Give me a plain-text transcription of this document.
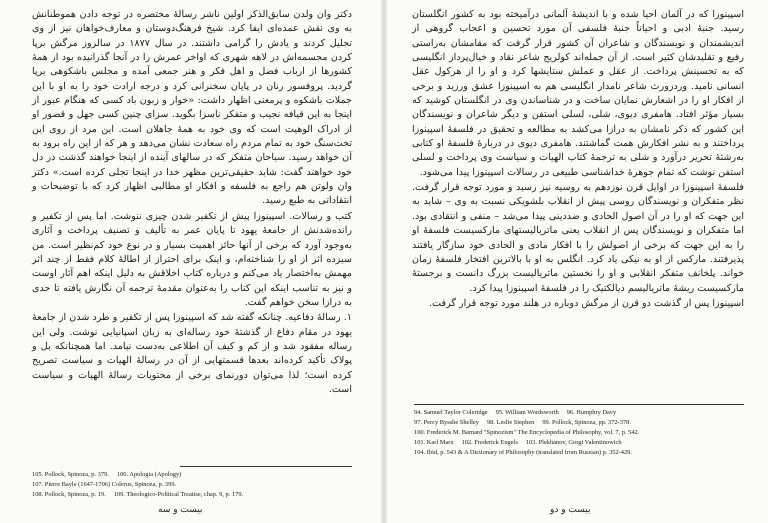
دکتر وان ولدن سابق‌الذکر اولین ناشر رسالهٔ مختصره در توجه دادن هموطنانش به وی نقش عمده‌ای ایفا کرد. شیخ فرهنگ‌دوستان و معارف‌خواهان نیز از وی تجلیل کردند و یادش را گرامی داشتند. در سال ۱۸۷۷ در سالروز مرگش برپا کردن مجسمه‌اش در لاهه شهری که اواخر عمرش را در آنجا گذرانیده بود از همهٔ کشورها از ارباب فضل و اهل فکر و هنر جمعی آمده و مجلس باشکوهی برپا گردید. پروفسور رنان در پایان سخنرانی کرد و درجه ارادت خود را به او با این جملات باشکوه و پرمعنی اظهار داشت: «خوار و زبون باد کسی که هنگام عبور از اینجا به این قیافه نجیب و متفکر ناسزا بگوید. سزای چنین کسی جهل و قصور او از ادراک الوهیت است که وی خود به همهٔ جاهلان است. این مرد از روی این تخت‌سنگ خود به تمام مردم راه سعادت نشان می‌دهد و هر که از این راه برود به آن خواهد رسید. سیاحان متفکر که در سالهای آینده از اینجا خواهند گذشت در دل خود خواهند گفت: شاید حقیقی‌ترین مظهر خدا در اینجا تجلی کرده است.» دکتر وان ولوتن هم راجع به فلسفه و افکار او مطالبی اظهار کرد که با توضیحات و انتقاداتی به طبع رسید.

کتب و رسالات. اسپینوزا پیش از تکفیر شدن چیزی ننوشت. اما پس از تکفیر و رانده‌شدنش از جامعهٔ یهود تا پایان عمر به تألیف و تصنیف پرداخت و آثاری به‌وجود آورد که برخی از آنها حائز اهمیت بسیار و در نوع خود کم‌نظیر است. من سیزده اثر از او را شناخته‌ام، و اینک برای احتراز از اطالهٔ کلام فقط از چند اثر مهمش به‌اختصار یاد می‌کنم و درباره کتاب اخلاقش به دلیل اینکه اهم آثار اوست و نیز به تناسب اینکه این کتاب را به‌عنوان مقدمهٔ ترجمه آن نگارش یافته تا حدی به درازا سخن خواهم گفت.

۱. رسالهٔ دفاعیه. چنانکه گفته شد که اسپینوزا پس از تکفیر و طرد شدن از جامعهٔ یهود در مقام دفاع از گذشتهٔ خود رساله‌ای به زبان اسپانیایی نوشت. ولی این رساله مفقود شد و از کم و کیف آن اطلاعی به‌دست نیامد. اما همچنانکه بل و پولاک تأکید کرده‌اند بعدها قسمتهایی از آن در رسالهٔ الهیات و سیاست تصریح کرده است؛ لذا می‌توان دورنمای برخی از محتویات رسالهٔ الهیات و سیاست است.

105. Pollock, Spinoza, p. 379. 106. Apologia (Apology)
107. Pierre Bayle (1647-1706) Colerus, Spinoza, p. 399.
108. Pollock, Spinoza, p. 19. 109. Theologico-Political Treatise, chap. 9, p. 179.
بیست و سه

اسپینوزا که در آلمان احیا شده و با اندیشهٔ آلمانی درآمیخته بود به کشور انگلستان رسید. جنبهٔ ادبی و احیاناً جنبهٔ فلسفی آن مورد تحسین و اعجاب گروهی از اندیشمندان و نویسندگان و شاعران آن کشور قرار گرفت که مقامشان به‌راستی رفیع و تقلیدشان کثیر است. از آن جمله‌اند کولریج شاعر نقاد و خیال‌پرداز انگلیسی که به تحسینش پرداخت. از عقل و عملش ستایشها کرد و او را از هرکول عقل انسانی نامید. وردزورث شاعر نامدار انگلیسی هم به اسپینوزا عشق ورزید و برخی از افکار او را در اشعارش نمایان ساخت و در شناساندن وی در انگلستان کوشید که بسیار مؤثر افتاد. هامفری دیوی، شلی، لسلی استفن و دیگر شاعران و نویسندگان این کشور که ذکر نامشان به درازا می‌کشد به مطالعه و تحقیق در فلسفهٔ اسپینوزا پرداختند و به نشر افکارش همت گماشتند. هامفری دیوی در دربارهٔ فلسفهٔ او کتابی به‌رشتهٔ تحریر درآورد و شلی به ترجمهٔ کتاب الهیات و سیاست وی پرداخت و لسلی استفن نوشت که تمام جوهرهٔ خداشناسی طبیعی در رسالات اسپینوزا پیدا می‌شود.

فلسفهٔ اسپینوزا در اوایل قرن نوزدهم به روسیه نیز رسید و مورد توجه قرار گرفت. نظر متفکران و نویسندگان روسی پیش از انقلاب بلشویکی نسبت به وی – شاید به این جهت که او را در آن اصول الحادی و ضددینی پیدا می‌شد – منفی و انتقادی بود. اما متفکران و نویسندگان پس از انقلاب یعنی ماتریالیستهای مارکسیست فلسفهٔ او را به این جهت که برخی از اصولش را با افکار مادی و الحادی خود سازگار یافتند پذیرفتند. مارکس از او به نیکی یاد کرد. انگلس به او با بالاترین افتخار فلسفهٔ زمان خواند. پلخانف متفکر انقلابی و او را نخستین ماتریالیست بزرگ دانست و برجستهٔ مارکسیست ریشهٔ ماتریالیسم دیالکتیک را در فلسفهٔ اسپینوزا پیدا کرد.

اسپینوزا پس از گذشت دو قرن از مرگش دوباره در هلند مورد توجه قرار گرفت.

94. Samuel Taylor Coleridge 95. William Wordsworth 96. Humphry Davy
97. Percy Bysshe Shelley 98. Leslie Stephen 99. Pollock, Spinoza, pp. 372-378.
100. Frederick M. Barnard "Spinozism" The Encyclopedia of Philosophy, vol. 7, p. 542.
101. Karl Marx 102. Frederick Engels 103. Plekhanov, Gorgi Valentinowich
104. Ibid, p. 543 & A Dictionary of Philosophy (translated from Russian) p. 352-429.
بیست و دو
